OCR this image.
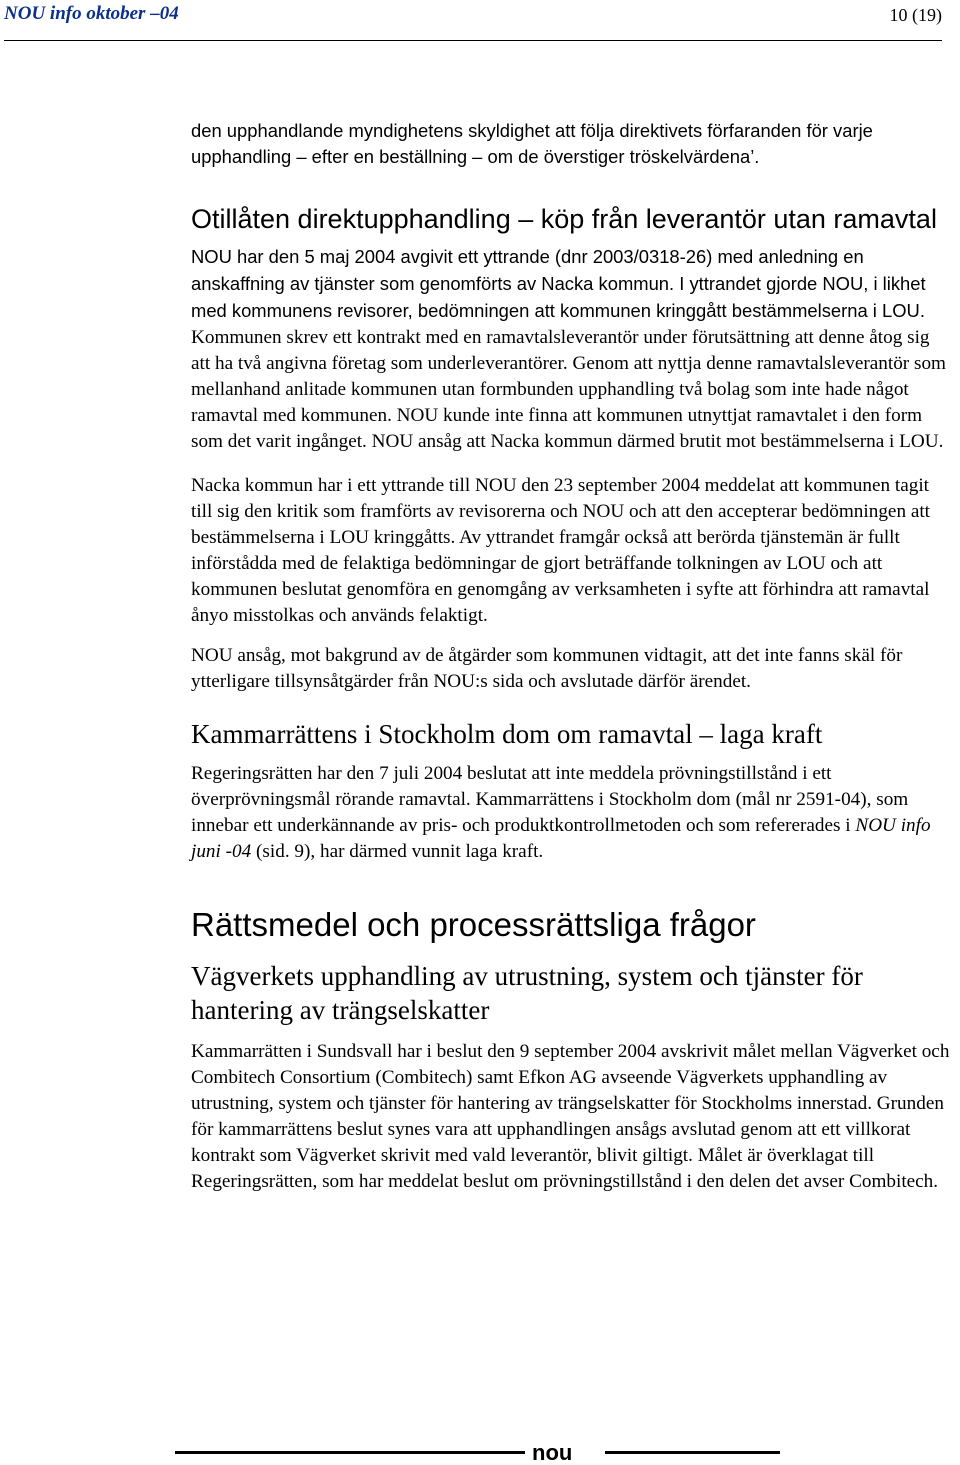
NOU info oktober –04	10 (19)

den upphandlande myndighetens skyldighet att följa direktivets förfaranden för varje upphandling – efter en beställning – om de överstiger tröskelvärdena’.

Otillåten direktupphandling – köp från leverantör utan ramavtal

NOU har den 5 maj 2004 avgivit ett yttrande (dnr 2003/0318-26) med anledning en anskaffning av tjänster som genomförts av Nacka kommun. I yttrandet gjorde NOU, i likhet med kommunens revisorer, bedömningen att kommunen kringgått bestämmelserna i LOU. Kommunen skrev ett kontrakt med en ramavtalsleverantör under förutsättning att denne åtog sig att ha två angivna företag som underleverantörer. Genom att nyttja denne ramavtalsleverantör som mellanhand anlitade kommunen utan formbunden upphandling två bolag som inte hade något ramavtal med kommunen. NOU kunde inte finna att kommunen utnyttjat ramavtalet i den form som det varit ingånget. NOU ansåg att Nacka kommun därmed brutit mot bestämmelserna i LOU.

Nacka kommun har i ett yttrande till NOU den 23 september 2004 meddelat att kommunen tagit till sig den kritik som framförts av revisorerna och NOU och att den accepterar bedömningen att bestämmelserna i LOU kringgåtts. Av yttrandet framgår också att berörda tjänstemän är fullt införstådda med de felaktiga bedömningar de gjort beträffande tolkningen av LOU och att kommunen beslutat genomföra en genomgång av verksamheten i syfte att förhindra att ramavtal ånyo misstolkas och används felaktigt.

NOU ansåg, mot bakgrund av de åtgärder som kommunen vidtagit, att det inte fanns skäl för ytterligare tillsynsåtgärder från NOU:s sida och avslutade därför ärendet.

Kammarrättens i Stockholm dom om ramavtal – laga kraft

Regeringsrätten har den 7 juli 2004 beslutat att inte meddela prövningstillstånd i ett överprövningsmål rörande ramavtal. Kammarrättens i Stockholm dom (mål nr 2591-04), som innebar ett underkännande av pris- och produktkontrollmetoden och som refererades i NOU info juni -04 (sid. 9), har därmed vunnit laga kraft.

Rättsmedel och processrättsliga frågor

Vägverkets upphandling av utrustning, system och tjänster för hantering av trängselskatter

Kammarrätten i Sundsvall har i beslut den 9 september 2004 avskrivit målet mellan Vägverket och Combitech Consortium (Combitech) samt Efkon AG avseende Vägverkets upphandling av utrustning, system och tjänster för hantering av trängselskatter för Stockholms innerstad. Grunden för kammarrättens beslut synes vara att upphandlingen ansågs avslutad genom att ett villkorat kontrakt som Vägverket skrivit med vald leverantör, blivit giltigt. Målet är överklagat till Regeringsrätten, som har meddelat beslut om prövningstillstånd i den delen det avser Combitech.

nou
